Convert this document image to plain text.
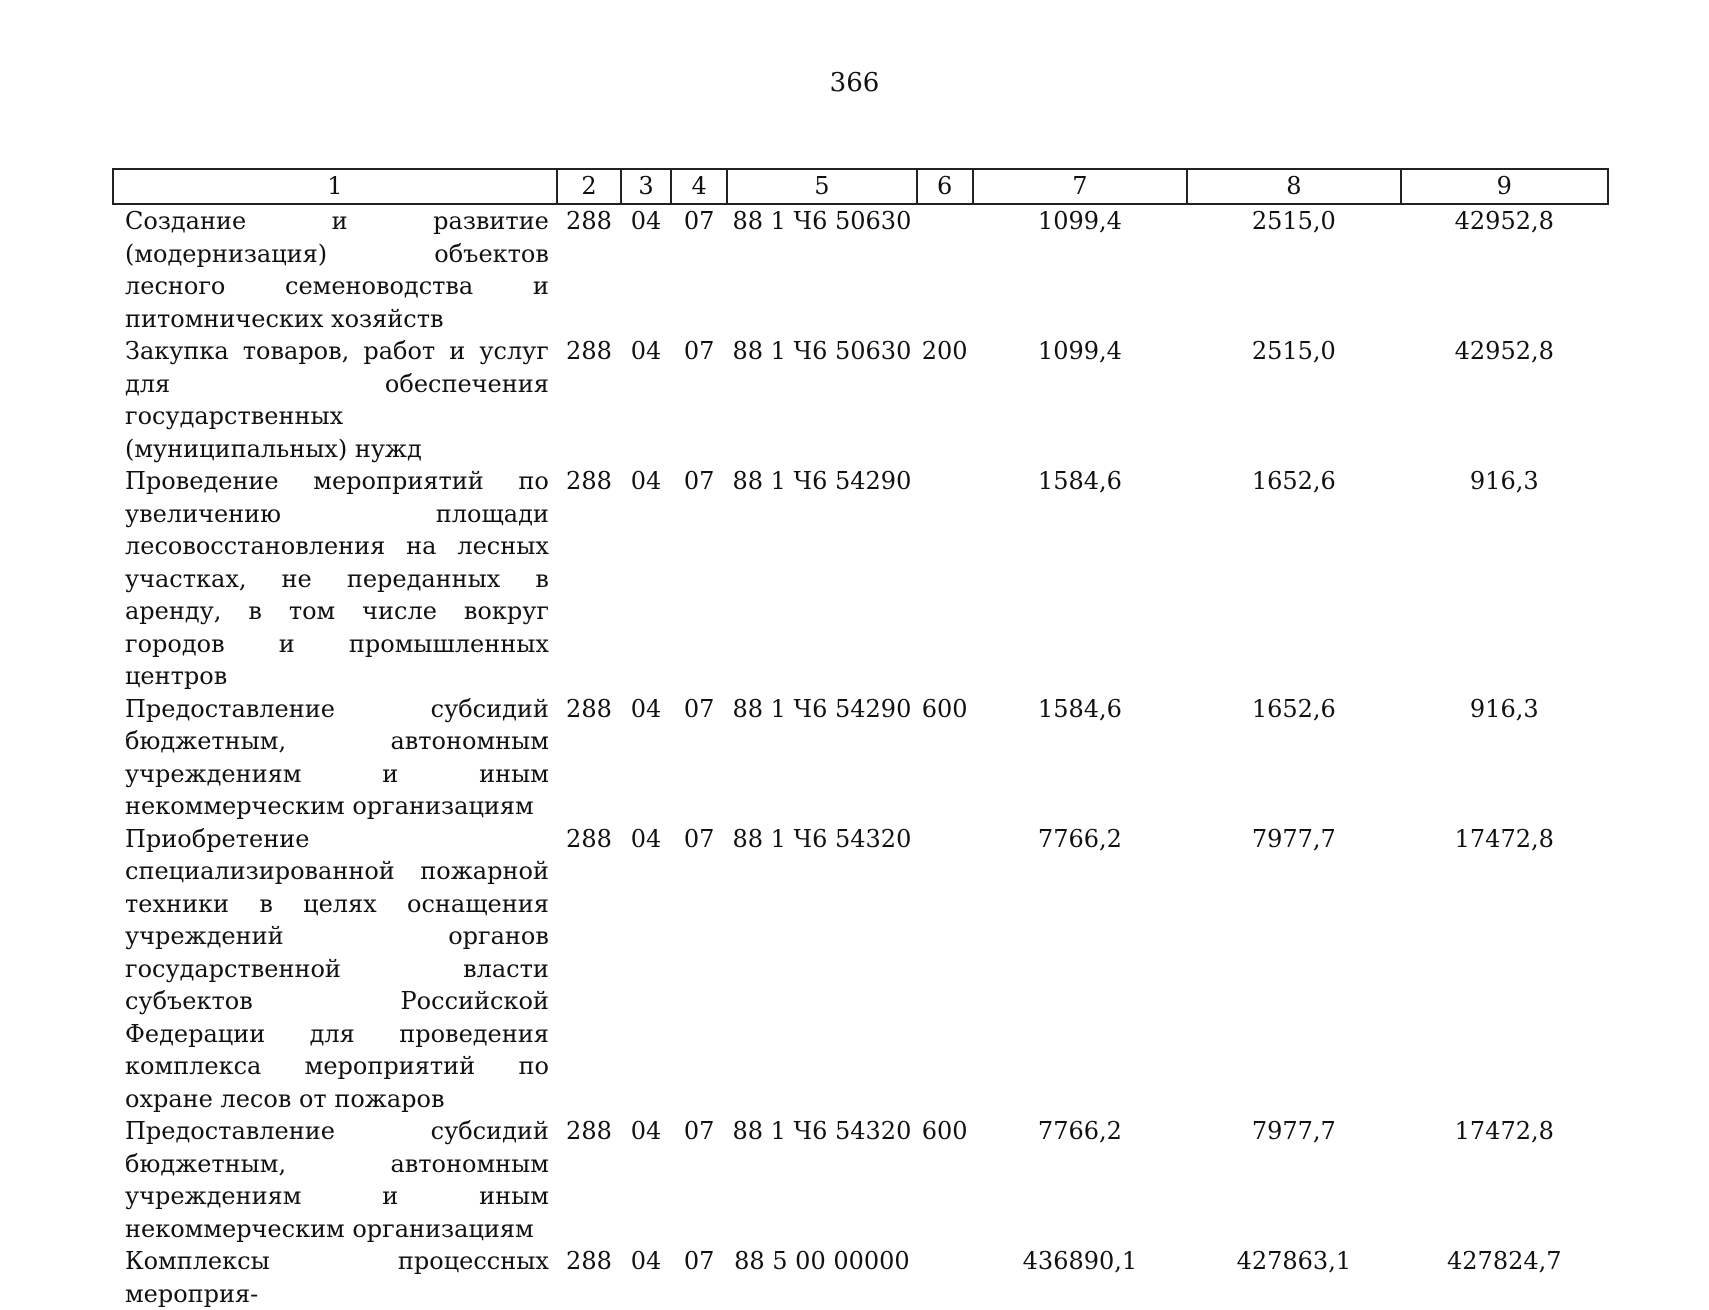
366
1	2	3	4	5	6	7	8	9
Создание и развитие (модернизация) объектов лесного семеноводства и питомнических хозяйств	288	04	07	88 1 Ч6 50630		1099,4	2515,0	42952,8
Закупка товаров, работ и услуг для обеспечения государственных (муниципальных) нужд	288	04	07	88 1 Ч6 50630	200	1099,4	2515,0	42952,8
Проведение мероприятий по увеличению площади лесовосстановления на лесных участках, не переданных в аренду, в том числе вокруг городов и промышленных центров	288	04	07	88 1 Ч6 54290		1584,6	1652,6	916,3
Предоставление субсидий бюджетным, автономным учреждениям и иным некоммерческим организациям	288	04	07	88 1 Ч6 54290	600	1584,6	1652,6	916,3
Приобретение специализированной пожарной техники в целях оснащения учреждений органов государственной власти субъектов Российской Федерации для проведения комплекса мероприятий по охране лесов от пожаров	288	04	07	88 1 Ч6 54320		7766,2	7977,7	17472,8
Предоставление субсидий бюджетным, автономным учреждениям и иным некоммерческим организациям	288	04	07	88 1 Ч6 54320	600	7766,2	7977,7	17472,8
Комплексы процессных мероприя-	288	04	07	88 5 00 00000		436890,1	427863,1	427824,7
